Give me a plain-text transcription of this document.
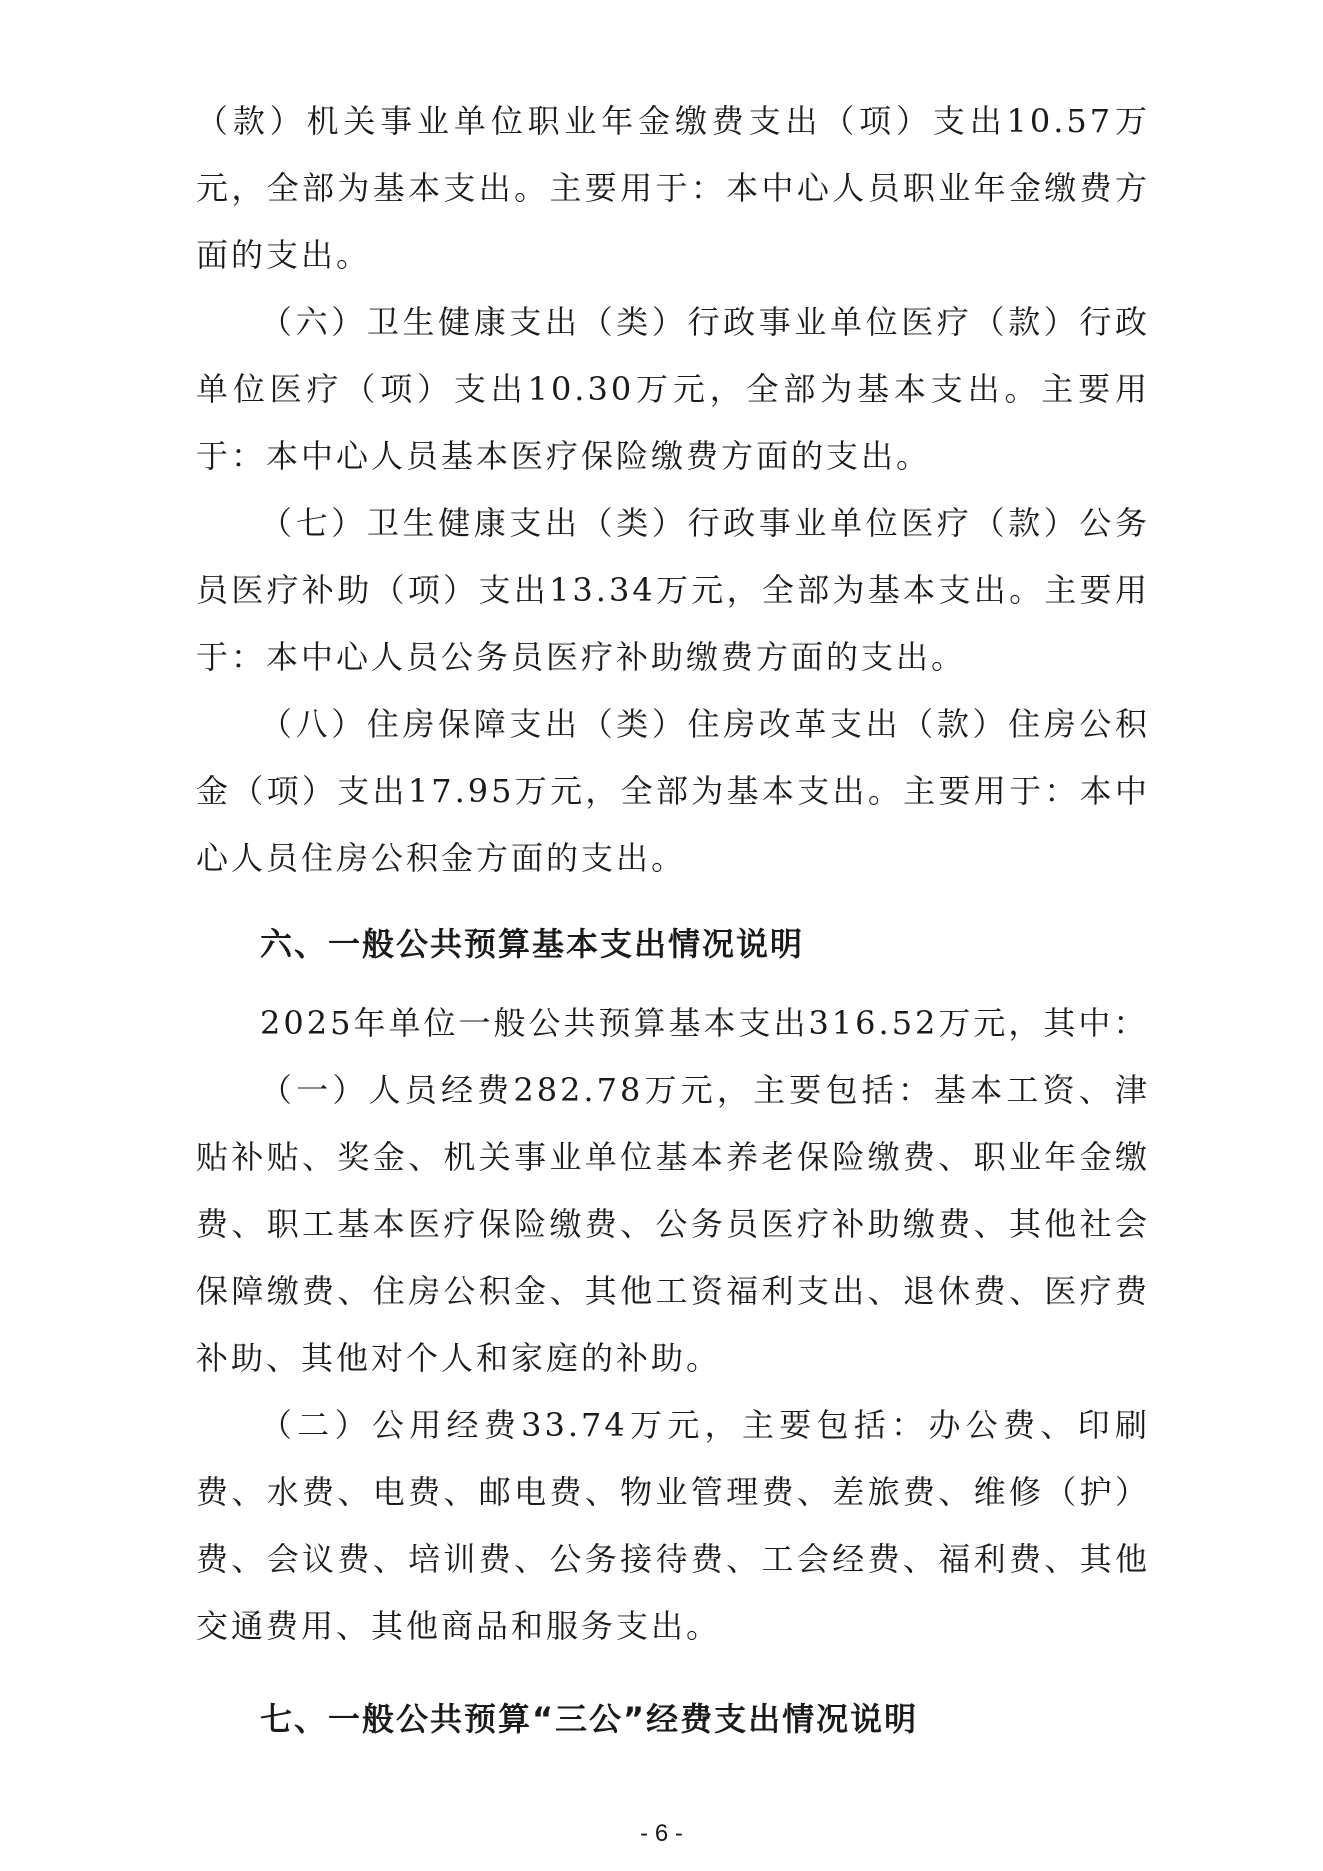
（款）机关事业单位职业年金缴费支出（项）支出10.57万元，全部为基本支出。主要用于：本中心人员职业年金缴费方面的支出。

（六）卫生健康支出（类）行政事业单位医疗（款）行政单位医疗（项）支出10.30万元，全部为基本支出。主要用于：本中心人员基本医疗保险缴费方面的支出。

（七）卫生健康支出（类）行政事业单位医疗（款）公务员医疗补助（项）支出13.34万元，全部为基本支出。主要用于：本中心人员公务员医疗补助缴费方面的支出。

（八）住房保障支出（类）住房改革支出（款）住房公积金（项）支出17.95万元，全部为基本支出。主要用于：本中心人员住房公积金方面的支出。

六、一般公共预算基本支出情况说明

2025年单位一般公共预算基本支出316.52万元，其中：

（一）人员经费282.78万元，主要包括：基本工资、津贴补贴、奖金、机关事业单位基本养老保险缴费、职业年金缴费、职工基本医疗保险缴费、公务员医疗补助缴费、其他社会保障缴费、住房公积金、其他工资福利支出、退休费、医疗费补助、其他对个人和家庭的补助。

（二）公用经费33.74万元，主要包括：办公费、印刷费、水费、电费、邮电费、物业管理费、差旅费、维修（护）费、会议费、培训费、公务接待费、工会经费、福利费、其他交通费用、其他商品和服务支出。

七、一般公共预算“三公”经费支出情况说明
- 6 -
